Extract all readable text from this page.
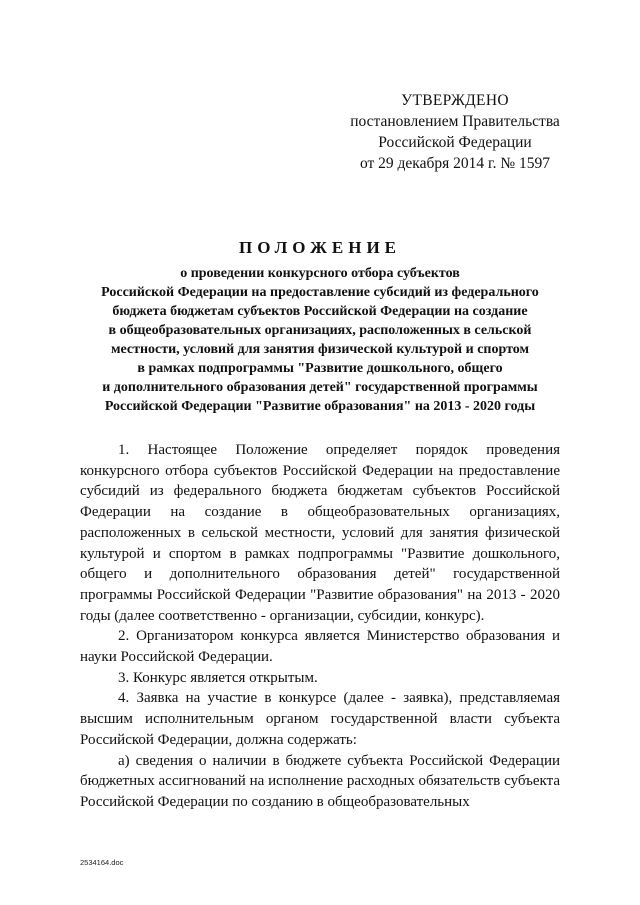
УТВЕРЖДЕНО
постановлением Правительства
Российской Федерации
от 29 декабря 2014 г. № 1597
ПОЛОЖЕНИЕ
о проведении конкурсного отбора субъектов
Российской Федерации на предоставление субсидий из федерального
бюджета бюджетам субъектов Российской Федерации на создание
в общеобразовательных организациях, расположенных в сельской
местности, условий для занятия физической культурой и спортом
в рамках подпрограммы "Развитие дошкольного, общего
и дополнительного образования детей" государственной программы
Российской Федерации "Развитие образования" на 2013 - 2020 годы

1. Настоящее Положение определяет порядок проведения конкурсного отбора субъектов Российской Федерации на предоставление субсидий из федерального бюджета бюджетам субъектов Российской Федерации на создание в общеобразовательных организациях, расположенных в сельской местности, условий для занятия физической культурой и спортом в рамках подпрограммы "Развитие дошкольного, общего и дополнительного образования детей" государственной программы Российской Федерации "Развитие образования" на 2013 - 2020 годы (далее соответственно - организации, субсидии, конкурс).

2. Организатором конкурса является Министерство образования и науки Российской Федерации.

3. Конкурс является открытым.

4. Заявка на участие в конкурсе (далее - заявка), представляемая высшим исполнительным органом государственной власти субъекта Российской Федерации, должна содержать:

а) сведения о наличии в бюджете субъекта Российской Федерации бюджетных ассигнований на исполнение расходных обязательств субъекта Российской Федерации по созданию в общеобразовательных

2534164.doc
